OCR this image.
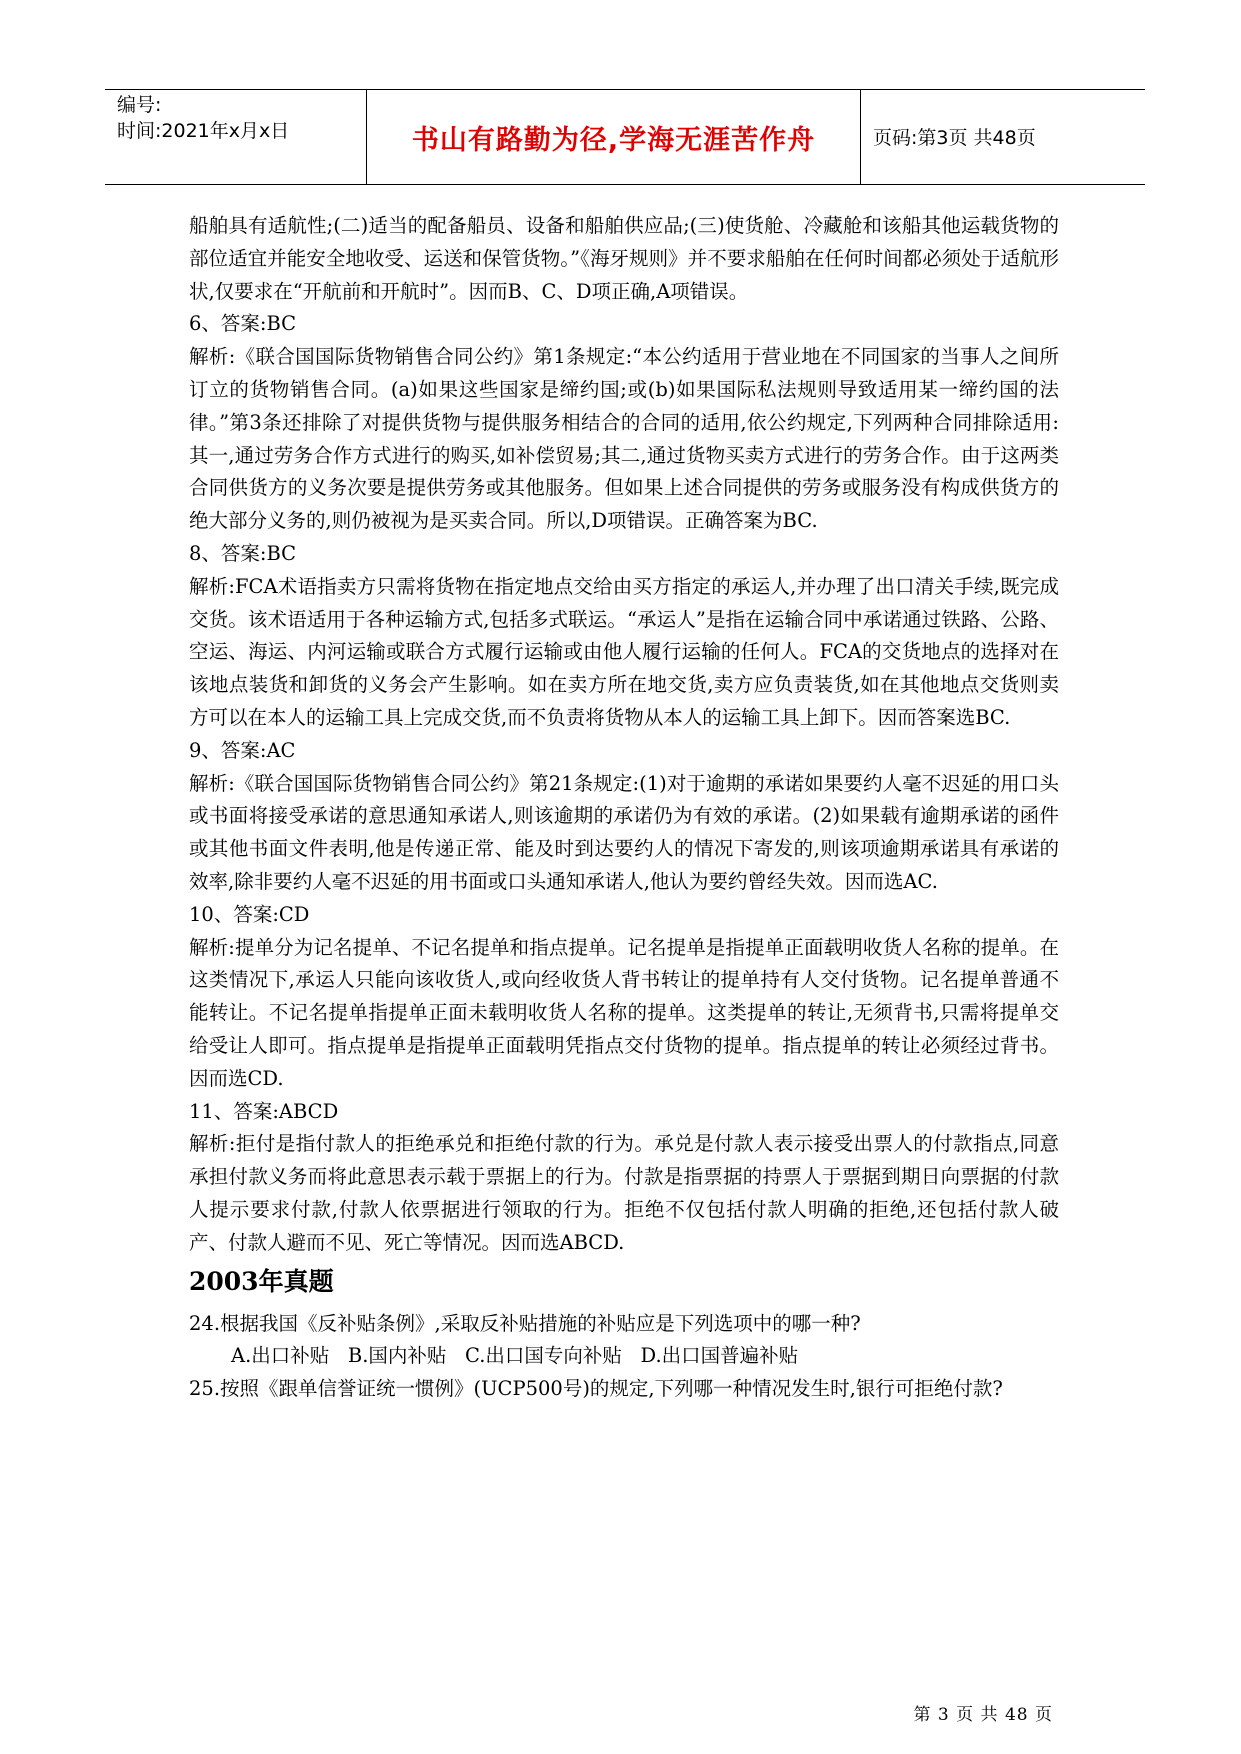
编号:
时间:2021年x月x日	书山有路勤为径,学海无涯苦作舟	页码:第3页 共48页

船舶具有适航性;(二)适当的配备船员、设备和船舶供应品;(三)使货舱、冷藏舱和该船其他运载货物的部位适宜并能安全地收受、运送和保管货物。”《海牙规则》并不要求船舶在任何时间都必须处于适航形状,仅要求在“开航前和开航时”。因而B、C、D项正确,A项错误。

6、答案:BC

解析:《联合国国际货物销售合同公约》第1条规定:“本公约适用于营业地在不同国家的当事人之间所订立的货物销售合同。(a)如果这些国家是缔约国;或(b)如果国际私法规则导致适用某一缔约国的法律。”第3条还排除了对提供货物与提供服务相结合的合同的适用,依公约规定,下列两种合同排除适用:其一,通过劳务合作方式进行的购买,如补偿贸易;其二,通过货物买卖方式进行的劳务合作。由于这两类合同供货方的义务次要是提供劳务或其他服务。但如果上述合同提供的劳务或服务没有构成供货方的绝大部分义务的,则仍被视为是买卖合同。所以,D项错误。正确答案为BC.

8、答案:BC

解析:FCA术语指卖方只需将货物在指定地点交给由买方指定的承运人,并办理了出口清关手续,既完成交货。该术语适用于各种运输方式,包括多式联运。“承运人”是指在运输合同中承诺通过铁路、公路、空运、海运、内河运输或联合方式履行运输或由他人履行运输的任何人。FCA的交货地点的选择对在该地点装货和卸货的义务会产生影响。如在卖方所在地交货,卖方应负责装货,如在其他地点交货则卖方可以在本人的运输工具上完成交货,而不负责将货物从本人的运输工具上卸下。因而答案选BC.

9、答案:AC

解析:《联合国国际货物销售合同公约》第21条规定:(1)对于逾期的承诺如果要约人毫不迟延的用口头或书面将接受承诺的意思通知承诺人,则该逾期的承诺仍为有效的承诺。(2)如果载有逾期承诺的函件或其他书面文件表明,他是传递正常、能及时到达要约人的情况下寄发的,则该项逾期承诺具有承诺的效率,除非要约人毫不迟延的用书面或口头通知承诺人,他认为要约曾经失效。因而选AC.

10、答案:CD

解析:提单分为记名提单、不记名提单和指点提单。记名提单是指提单正面载明收货人名称的提单。在这类情况下,承运人只能向该收货人,或向经收货人背书转让的提单持有人交付货物。记名提单普通不能转让。不记名提单指提单正面未载明收货人名称的提单。这类提单的转让,无须背书,只需将提单交给受让人即可。指点提单是指提单正面载明凭指点交付货物的提单。指点提单的转让必须经过背书。因而选CD.

11、答案:ABCD

解析:拒付是指付款人的拒绝承兑和拒绝付款的行为。承兑是付款人表示接受出票人的付款指点,同意承担付款义务而将此意思表示载于票据上的行为。付款是指票据的持票人于票据到期日向票据的付款人提示要求付款,付款人依票据进行领取的行为。拒绝不仅包括付款人明确的拒绝,还包括付款人破产、付款人避而不见、死亡等情况。因而选ABCD.

2003年真题

24.根据我国《反补贴条例》,采取反补贴措施的补贴应是下列选项中的哪一种?

A.出口补贴   B.国内补贴   C.出口国专向补贴   D.出口国普遍补贴

25.按照《跟单信誉证统一惯例》(UCP500号)的规定,下列哪一种情况发生时,银行可拒绝付款?

第 3 页 共 48 页
